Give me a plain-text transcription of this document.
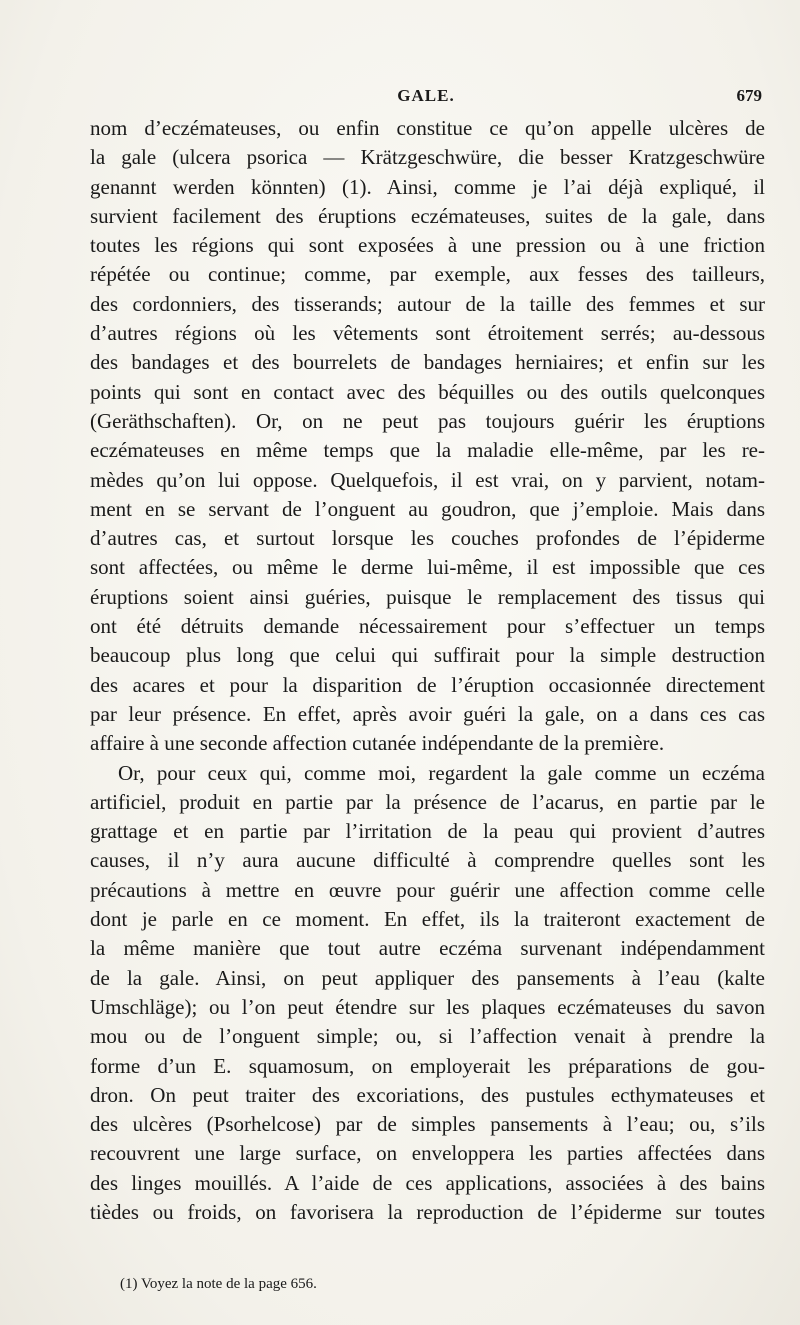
GALE.	679
nom d’eczémateuses, ou enfin constitue ce qu’on appelle ulcères de
la gale (ulcera psorica — Krätzgeschwüre, die besser Kratzgeschwüre
genannt werden könnten) (1). Ainsi, comme je l’ai déjà expliqué, il
survient facilement des éruptions eczémateuses, suites de la gale, dans
toutes les régions qui sont exposées à une pression ou à une friction
répétée ou continue; comme, par exemple, aux fesses des tailleurs,
des cordonniers, des tisserands; autour de la taille des femmes et sur
d’autres régions où les vêtements sont étroitement serrés; au-dessous
des bandages et des bourrelets de bandages herniaires; et enfin sur les
points qui sont en contact avec des béquilles ou des outils quelconques
(Geräthschaften). Or, on ne peut pas toujours guérir les éruptions
eczémateuses en même temps que la maladie elle-même, par les re-
mèdes qu’on lui oppose. Quelquefois, il est vrai, on y parvient, notam-
ment en se servant de l’onguent au goudron, que j’emploie. Mais dans
d’autres cas, et surtout lorsque les couches profondes de l’épiderme
sont affectées, ou même le derme lui-même, il est impossible que ces
éruptions soient ainsi guéries, puisque le remplacement des tissus qui
ont été détruits demande nécessairement pour s’effectuer un temps
beaucoup plus long que celui qui suffirait pour la simple destruction
des acares et pour la disparition de l’éruption occasionnée directement
par leur présence. En effet, après avoir guéri la gale, on a dans ces cas
affaire à une seconde affection cutanée indépendante de la première.
Or, pour ceux qui, comme moi, regardent la gale comme un eczéma
artificiel, produit en partie par la présence de l’acarus, en partie par le
grattage et en partie par l’irritation de la peau qui provient d’autres
causes, il n’y aura aucune difficulté à comprendre quelles sont les
précautions à mettre en œuvre pour guérir une affection comme celle
dont je parle en ce moment. En effet, ils la traiteront exactement de
la même manière que tout autre eczéma survenant indépendamment
de la gale. Ainsi, on peut appliquer des pansements à l’eau (kalte
Umschläge); ou l’on peut étendre sur les plaques eczémateuses du savon
mou ou de l’onguent simple; ou, si l’affection venait à prendre la
forme d’un E. squamosum, on employerait les préparations de gou-
dron. On peut traiter des excoriations, des pustules ecthymateuses et
des ulcères (Psorhelcose) par de simples pansements à l’eau; ou, s’ils
recouvrent une large surface, on enveloppera les parties affectées dans
des linges mouillés. A l’aide de ces applications, associées à des bains
tièdes ou froids, on favorisera la reproduction de l’épiderme sur toutes
(1) Voyez la note de la page 656.
